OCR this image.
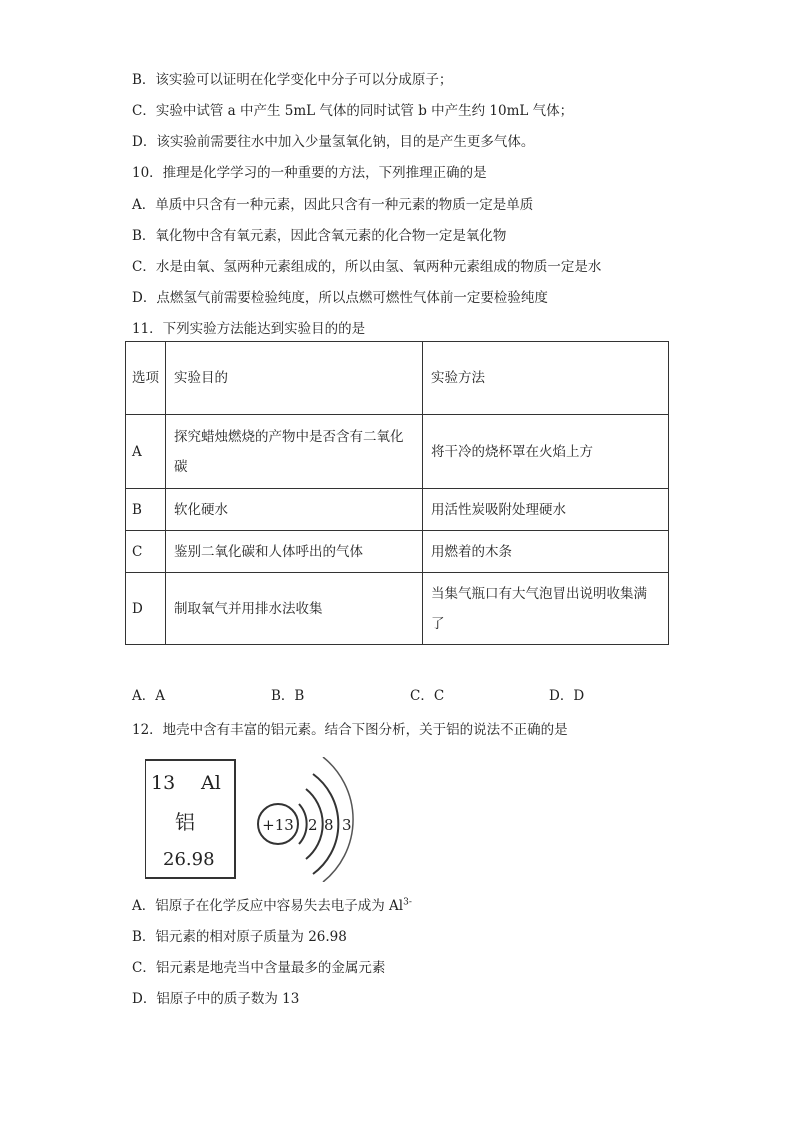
B．该实验可以证明在化学变化中分子可以分成原子；
C．实验中试管 a 中产生 5mL 气体的同时试管 b 中产生约 10mL 气体；
D．该实验前需要往水中加入少量氢氧化钠，目的是产生更多气体。
10．推理是化学学习的一种重要的方法，下列推理正确的是
A．单质中只含有一种元素，因此只含有一种元素的物质一定是单质
B．氧化物中含有氧元素，因此含氧元素的化合物一定是氧化物
C．水是由氧、氢两种元素组成的，所以由氢、氧两种元素组成的物质一定是水
D．点燃氢气前需要检验纯度，所以点燃可燃性气体前一定要检验纯度
11．下列实验方法能达到实验目的的是
选项	实验目的	实验方法
A	探究蜡烛燃烧的产物中是否含有二氧化碳	将干冷的烧杯罩在火焰上方
B	软化硬水	用活性炭吸附处理硬水
C	鉴别二氧化碳和人体呼出的气体	用燃着的木条
D	制取氧气并用排水法收集	当集气瓶口有大气泡冒出说明收集满了
A．A	B．B	C．C	D．D
12．地壳中含有丰富的铝元素。结合下图分析，关于铝的说法不正确的是
13 Al
铝
26.98
+13 2 8 3
A．铝原子在化学反应中容易失去电子成为 $Al^{3-}$
B．铝元素的相对原子质量为 26.98
C．铝元素是地壳当中含量最多的金属元素
D．铝原子中的质子数为 13
